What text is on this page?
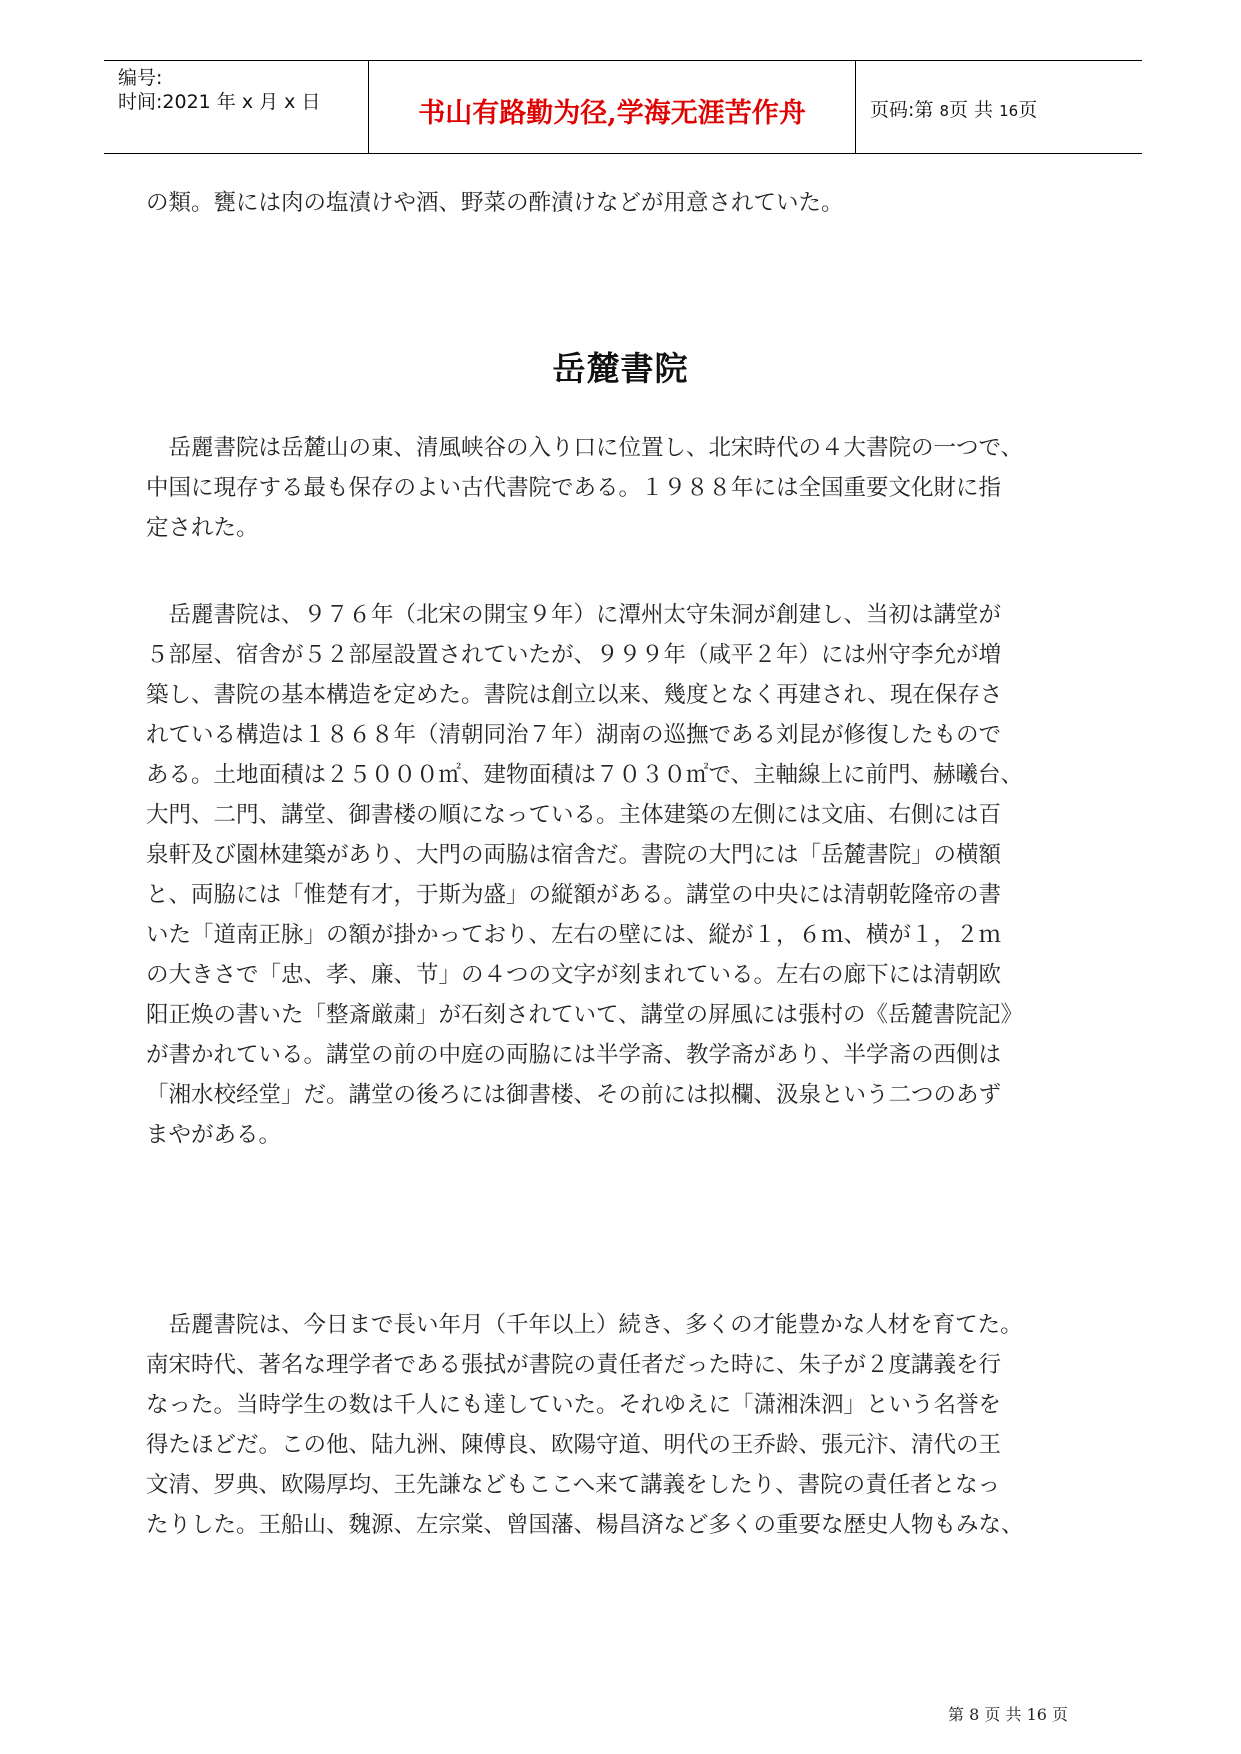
编号:
时间:2021 年 x 月 x 日	书山有路勤为径,学海无涯苦作舟	页码:第 8页 共 16页
の類。甕には肉の塩漬けや酒、野菜の酢漬けなどが用意されていた。
岳麓書院
　岳麗書院は岳麓山の東、清風峡谷の入り口に位置し、北宋時代の４大書院の一つで、
中国に現存する最も保存のよい古代書院である。１９８８年には全国重要文化財に指
定された。
　岳麗書院は、９７６年（北宋の開宝９年）に潭州太守朱洞が創建し、当初は講堂が
５部屋、宿舎が５２部屋設置されていたが、９９９年（咸平２年）には州守李允が増
築し、書院の基本構造を定めた。書院は創立以来、幾度となく再建され、現在保存さ
れている構造は１８６８年（清朝同治７年）湖南の巡撫である刘昆が修復したもので
ある。土地面積は２５０００㎡、建物面積は７０３０㎡で、主軸線上に前門、赫曦台、
大門、二門、講堂、御書楼の順になっている。主体建築の左側には文庙、右側には百
泉軒及び園林建築があり、大門の両脇は宿舎だ。書院の大門には「岳麓書院」の横額
と、両脇には「惟楚有才，于斯为盛」の縦額がある。講堂の中央には清朝乾隆帝の書
いた「道南正脉」の額が掛かっており、左右の壁には、縦が１，６ｍ、横が１，２ｍ
の大きさで「忠、孝、廉、节」の４つの文字が刻まれている。左右の廊下には清朝欧
阳正焕の書いた「整斎厳粛」が石刻されていて、講堂の屏風には張村の《岳麓書院記》
が書かれている。講堂の前の中庭の両脇には半学斋、教学斋があり、半学斋の西側は
「湘水校经堂」だ。講堂の後ろには御書楼、その前には拟欄、汲泉という二つのあず
まやがある。
　岳麗書院は、今日まで長い年月（千年以上）続き、多くの才能豊かな人材を育てた。
南宋時代、著名な理学者である張拭が書院の責任者だった時に、朱子が２度講義を行
なった。当時学生の数は千人にも達していた。それゆえに「潇湘洙泗」という名誉を
得たほどだ。この他、陆九洲、陳傅良、欧陽守道、明代の王乔龄、張元汴、清代の王
文清、罗典、欧陽厚均、王先謙などもここへ来て講義をしたり、書院の責任者となっ
たりした。王船山、魏源、左宗棠、曾国藩、楊昌済など多くの重要な歴史人物もみな、
第 8 页 共 16 页
